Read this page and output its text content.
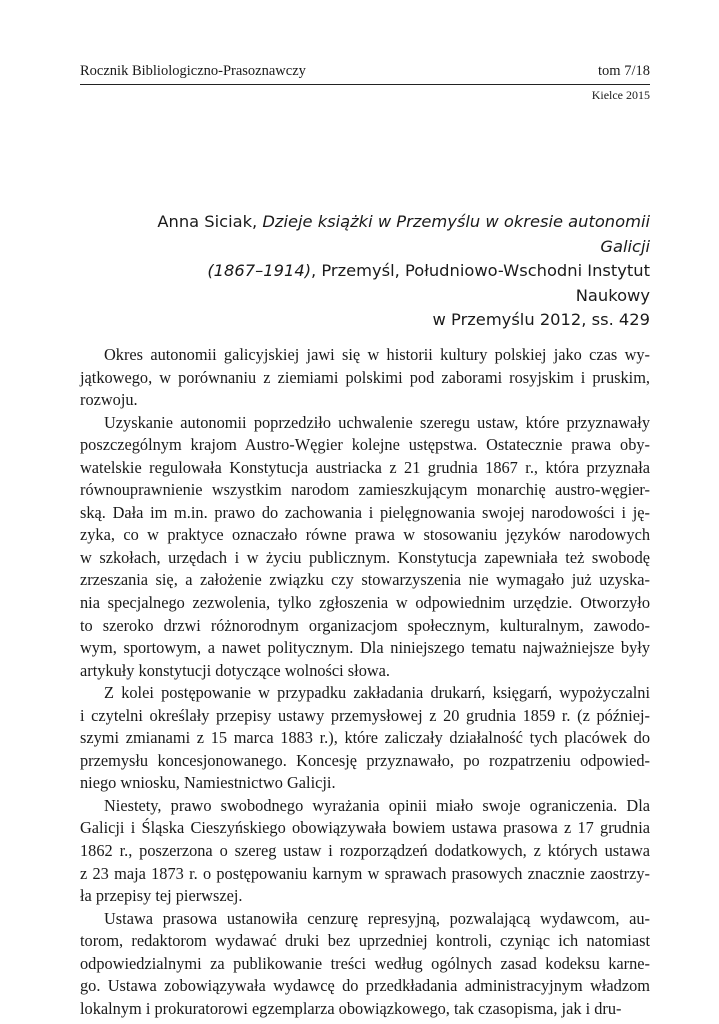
Rocznik Bibliologiczno-Prasoznawczy	tom 7/18
Kielce 2015
Anna Siciak, Dzieje książki w Przemyślu w okresie autonomii Galicji
(1867–1914), Przemyśl, Południowo-Wschodni Instytut Naukowy
w Przemyślu 2012, ss. 429

Okres autonomii galicyjskiej jawi się w historii kultury polskiej jako czas wy-
jątkowego, w porównaniu z ziemiami polskimi pod zaborami rosyjskim i pruskim,
rozwoju.

Uzyskanie autonomii poprzedziło uchwalenie szeregu ustaw, które przyznawały
poszczególnym krajom Austro-Węgier kolejne ustępstwa. Ostatecznie prawa oby-
watelskie regulowała Konstytucja austriacka z 21 grudnia 1867 r., która przyznała
równouprawnienie wszystkim narodom zamieszkującym monarchię austro-węgier-
ską. Dała im m.in. prawo do zachowania i pielęgnowania swojej narodowości i ję-
zyka, co w praktyce oznaczało równe prawa w stosowaniu języków narodowych
w szkołach, urzędach i w życiu publicznym. Konstytucja zapewniała też swobodę
zrzeszania się, a założenie związku czy stowarzyszenia nie wymagało już uzyska-
nia specjalnego zezwolenia, tylko zgłoszenia w odpowiednim urzędzie. Otworzyło
to szeroko drzwi różnorodnym organizacjom społecznym, kulturalnym, zawodo-
wym, sportowym, a nawet politycznym. Dla niniejszego tematu najważniejsze były
artykuły konstytucji dotyczące wolności słowa.

Z kolei postępowanie w przypadku zakładania drukarń, księgarń, wypożyczalni
i czytelni określały przepisy ustawy przemysłowej z 20 grudnia 1859 r. (z później-
szymi zmianami z 15 marca 1883 r.), które zaliczały działalność tych placówek do
przemysłu koncesjonowanego. Koncesję przyznawało, po rozpatrzeniu odpowied-
niego wniosku, Namiestnictwo Galicji.

Niestety, prawo swobodnego wyrażania opinii miało swoje ograniczenia. Dla
Galicji i Śląska Cieszyńskiego obowiązywała bowiem ustawa prasowa z 17 grudnia
1862 r., poszerzona o szereg ustaw i rozporządzeń dodatkowych, z których ustawa
z 23 maja 1873 r. o postępowaniu karnym w sprawach prasowych znacznie zaostrzy-
ła przepisy tej pierwszej.

Ustawa prasowa ustanowiła cenzurę represyjną, pozwalającą wydawcom, au-
torom, redaktorom wydawać druki bez uprzedniej kontroli, czyniąc ich natomiast
odpowiedzialnymi za publikowanie treści według ogólnych zasad kodeksu karne-
go. Ustawa zobowiązywała wydawcę do przedkładania administracyjnym władzom
lokalnym i prokuratorowi egzemplarza obowiązkowego, tak czasopisma, jak i dru-
